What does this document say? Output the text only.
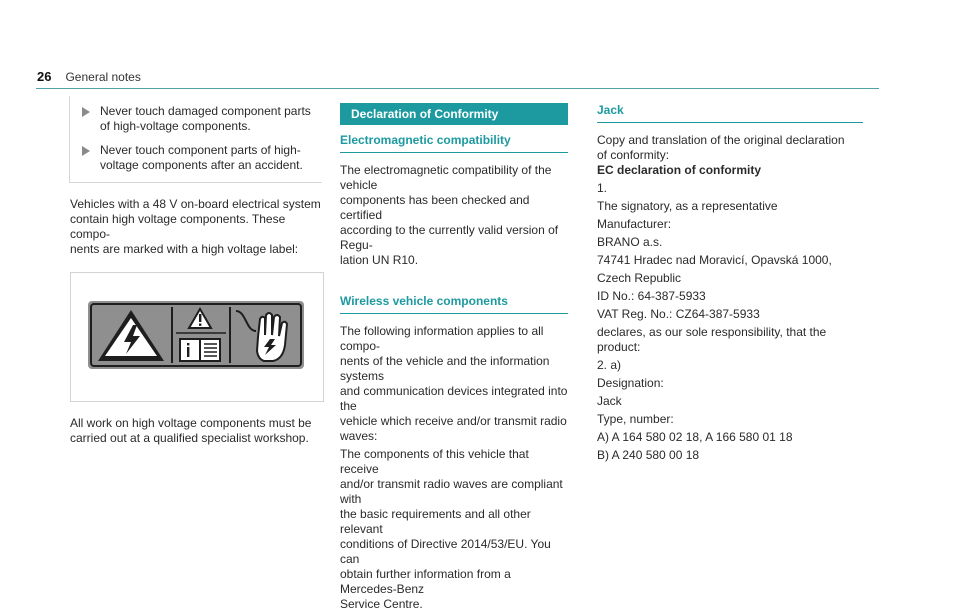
26 General notes

Never touch damaged component parts
of high-voltage components.

Never touch component parts of high-
voltage components after an accident.

Vehicles with a 48 V on-board electrical system
contain high voltage components. These compo-
nents are marked with a high voltage label:

All work on high voltage components must be
carried out at a qualified specialist workshop.

Declaration of Conformity
Electromagnetic compatibility

The electromagnetic compatibility of the vehicle
components has been checked and certified
according to the currently valid version of Regu-
lation UN R10.

Wireless vehicle components

The following information applies to all compo-
nents of the vehicle and the information systems
and communication devices integrated into the
vehicle which receive and/or transmit radio
waves:

The components of this vehicle that receive
and/or transmit radio waves are compliant with
the basic requirements and all other relevant
conditions of Directive 2014/53/EU. You can
obtain further information from a Mercedes-Benz
Service Centre.

Jack
Copy and translation of the original declaration
of conformity:
EC declaration of conformity
1.
The signatory, as a representative
Manufacturer:
BRANO a.s.
74741 Hradec nad Moravicí, Opavská 1000,
Czech Republic
ID No.: 64-387-5933
VAT Reg. No.: CZ64-387-5933
declares, as our sole responsibility, that the
product:
2. a)
Designation:
Jack
Type, number:
A) A 164 580 02 18, A 166 580 01 18
B) A 240 580 00 18
